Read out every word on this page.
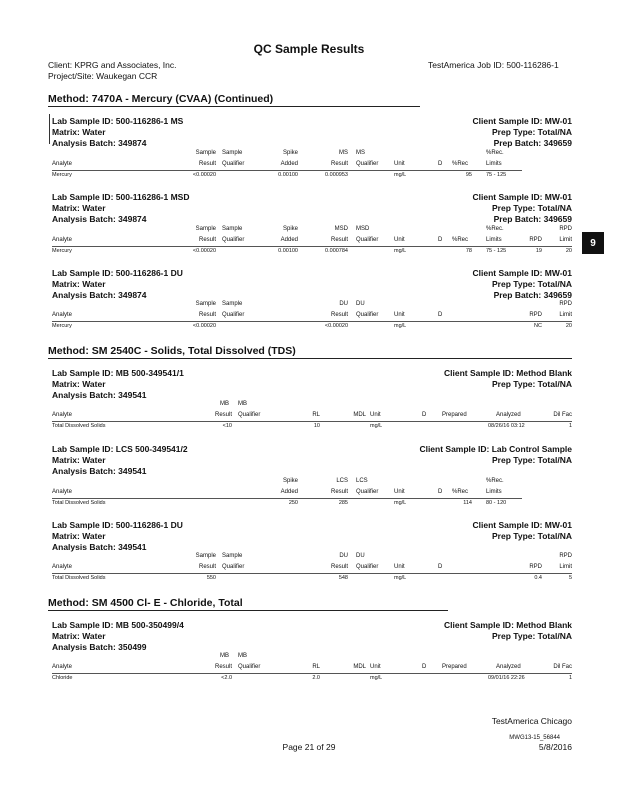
QC Sample Results
Client: KPRG and Associates, Inc.	TestAmerica Job ID: 500-116286-1
Project/Site: Waukegan CCR
9
Method: 7470A - Mercury (CVAA) (Continued)
Lab Sample ID: 500-116286-1 MS
Matrix: Water
Analysis Batch: 349874
Client Sample ID: MW-01
Prep Type: Total/NA
Prep Batch: 349659
Sample Sample	Spike	MS MS	%Rec.
Analyte	Result Qualifier	Added	Result Qualifier	Unit	D %Rec	Limits
Mercury	<0.00020	0.00100	0.000953	mg/L	95	75 - 125
Lab Sample ID: 500-116286-1 MSD
Matrix: Water
Analysis Batch: 349874
Client Sample ID: MW-01
Prep Type: Total/NA
Prep Batch: 349659
Sample Sample	Spike	MSD MSD	%Rec.	RPD
Analyte	Result Qualifier	Added	Result Qualifier	Unit	D %Rec	Limits	RPD	Limit
Mercury	<0.00020	0.00100	0.000784	mg/L	78	75 - 125	19	20
Lab Sample ID: 500-116286-1 DU
Matrix: Water
Analysis Batch: 349874
Client Sample ID: MW-01
Prep Type: Total/NA
Prep Batch: 349659
Sample Sample	DU DU	RPD
Analyte	Result Qualifier	Result Qualifier	Unit	D	RPD	Limit
Mercury	<0.00020	<0.00020	mg/L	NC	20
Method: SM 2540C - Solids, Total Dissolved (TDS)
Lab Sample ID: MB 500-349541/1
Matrix: Water
Analysis Batch: 349541
Client Sample ID: Method Blank
Prep Type: Total/NA
MB MB
Analyte	Result Qualifier	RL	MDL Unit	D	Prepared	Analyzed	Dil Fac
Total Dissolved Solids	<10	10	mg/L	08/26/16 03:12	1
Lab Sample ID: LCS 500-349541/2
Matrix: Water
Analysis Batch: 349541
Client Sample ID: Lab Control Sample
Prep Type: Total/NA
Spike	LCS LCS	%Rec.
Analyte	Added	Result Qualifier	Unit	D %Rec	Limits
Total Dissolved Solids	250	285	mg/L	114	80 - 120
Lab Sample ID: 500-116286-1 DU
Matrix: Water
Analysis Batch: 349541
Client Sample ID: MW-01
Prep Type: Total/NA
Sample Sample	DU DU	RPD
Analyte	Result Qualifier	Result Qualifier	Unit	D	RPD	Limit
Total Dissolved Solids	550	548	mg/L	0.4	5
Method: SM 4500 Cl- E - Chloride, Total
Lab Sample ID: MB 500-350499/4
Matrix: Water
Analysis Batch: 350499
Client Sample ID: Method Blank
Prep Type: Total/NA
MB MB
Analyte	Result Qualifier	RL	MDL Unit	D	Prepared	Analyzed	Dil Fac
Chloride	<2.0	2.0	mg/L	09/01/16 22:26	1
TestAmerica Chicago
MWG13-15_56844
Page 21 of 29	5/8/2016
